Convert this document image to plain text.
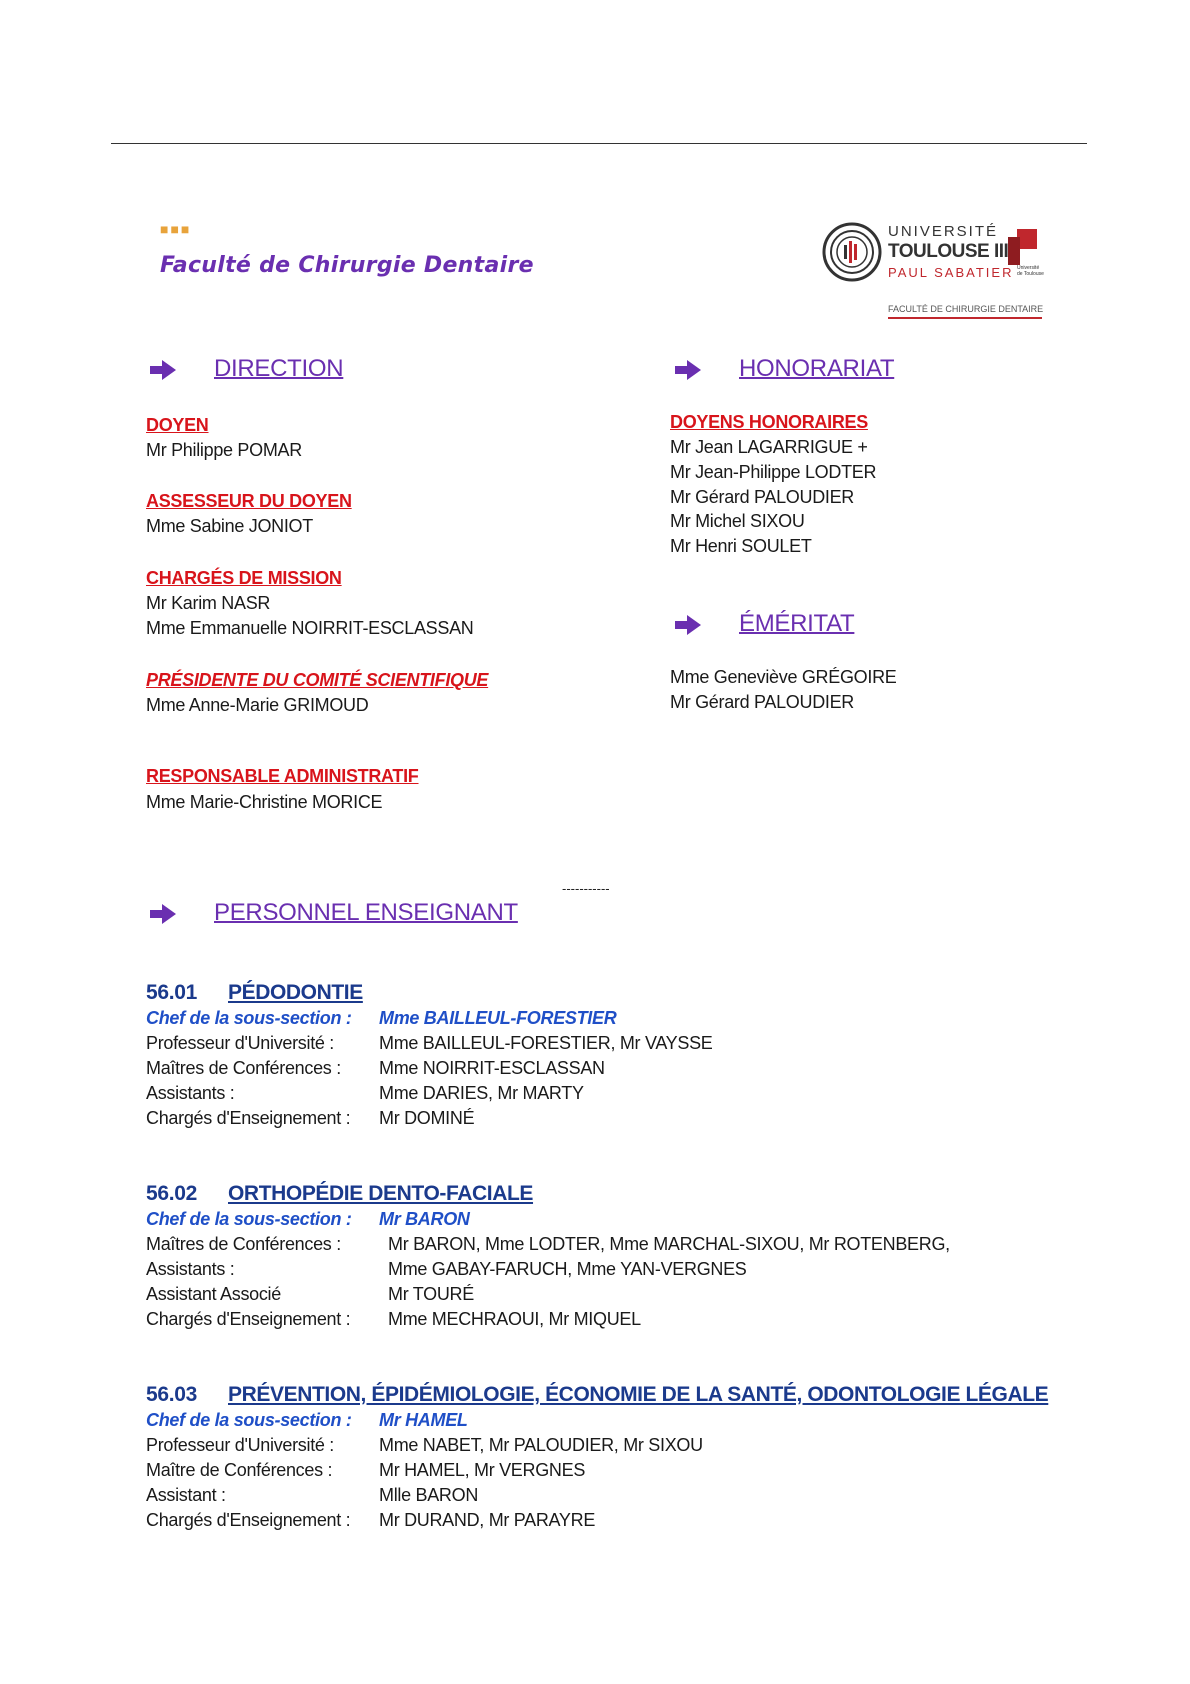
■■■
Faculté de Chirurgie Dentaire
UNIVERSITÉ
TOULOUSE III
PAUL SABATIER Université
de Toulouse
FACULTÉ DE CHIRURGIE DENTAIRE
DIRECTION
DOYEN
Mr Philippe POMAR
ASSESSEUR DU DOYEN
Mme Sabine JONIOT
CHARGÉS DE MISSION
Mr Karim NASR
Mme Emmanuelle NOIRRIT-ESCLASSAN
PRÉSIDENTE DU COMITÉ SCIENTIFIQUE
Mme Anne-Marie GRIMOUD
RESPONSABLE ADMINISTRATIF
Mme Marie-Christine MORICE
HONORARIAT
DOYENS HONORAIRES
Mr Jean LAGARRIGUE +
Mr Jean-Philippe LODTER
Mr Gérard PALOUDIER
Mr Michel SIXOU
Mr Henri SOULET
ÉMÉRITAT
Mme Geneviève GRÉGOIRE
Mr Gérard PALOUDIER
-----------
PERSONNEL ENSEIGNANT
56.01 PÉDODONTIE
Chef de la sous-section : Mme BAILLEUL-FORESTIER
Professeur d'Université : Mme BAILLEUL-FORESTIER, Mr VAYSSE
Maîtres de Conférences : Mme NOIRRIT-ESCLASSAN
Assistants :	Mme DARIES, Mr MARTY
Chargés d'Enseignement : Mr DOMINÉ
56.02 ORTHOPÉDIE DENTO-FACIALE
Chef de la sous-section : Mr BARON
Maîtres de Conférences :	Mr BARON, Mme LODTER, Mme MARCHAL-SIXOU, Mr ROTENBERG,
Assistants :	Mme GABAY-FARUCH, Mme YAN-VERGNES
Assistant Associé	Mr TOURÉ
Chargés d'Enseignement : Mme MECHRAOUI, Mr MIQUEL
56.03 PRÉVENTION, ÉPIDÉMIOLOGIE, ÉCONOMIE DE LA SANTÉ, ODONTOLOGIE LÉGALE
Chef de la sous-section : Mr HAMEL
Professeur d'Université : Mme NABET, Mr PALOUDIER, Mr SIXOU
Maître de Conférences :	Mr HAMEL, Mr VERGNES
Assistant :	Mlle BARON
Chargés d'Enseignement : Mr DURAND, Mr PARAYRE
